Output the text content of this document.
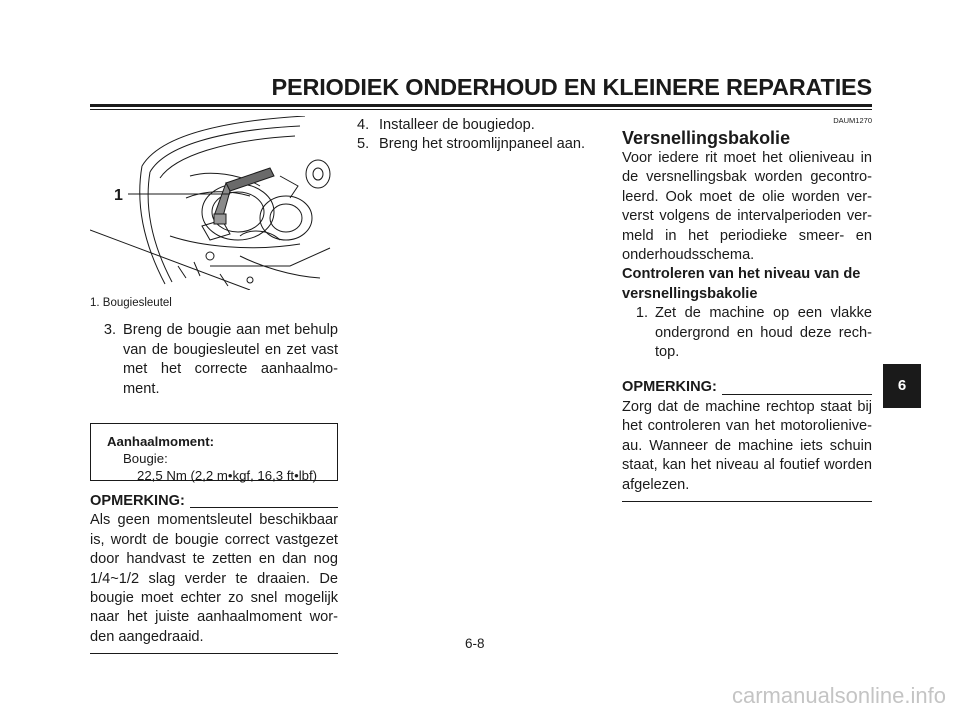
PERIODIEK ONDERHOUD EN KLEINERE REPARATIES
1
1. Bougiesleutel
3. Breng de bougie aan met behulp van de bougiesleutel en zet vast met het correcte aanhaalmoment.
Aanhaalmoment:
Bougie:
22,5 Nm (2,2 m•kgf, 16,3 ft•lbf)
OPMERKING:
Als geen momentsleutel beschikbaar is, wordt de bougie correct vastgezet door handvast te zetten en dan nog 1/4~1/2 slag verder te draaien. De bougie moet echter zo snel mogelijk naar het juiste aanhaalmoment worden aangedraaid.
4. Installeer de bougiedop.
5. Breng het stroomlijnpaneel aan.
DAUM1270
Versnellingsbakolie
Voor iedere rit moet het olieniveau in de versnellingsbak worden gecontroleerd. Ook moet de olie worden ververst volgens de intervalperioden vermeld in het periodieke smeer- en onderhoudsschema.
Controleren van het niveau van de versnellingsbakolie
1. Zet de machine op een vlakke ondergrond en houd deze rechtop.
OPMERKING:
Zorg dat de machine rechtop staat bij het controleren van het motorolieniveau. Wanneer de machine iets schuin staat, kan het niveau al foutief worden afgelezen.
6-8
6
carmanualsonline.info
